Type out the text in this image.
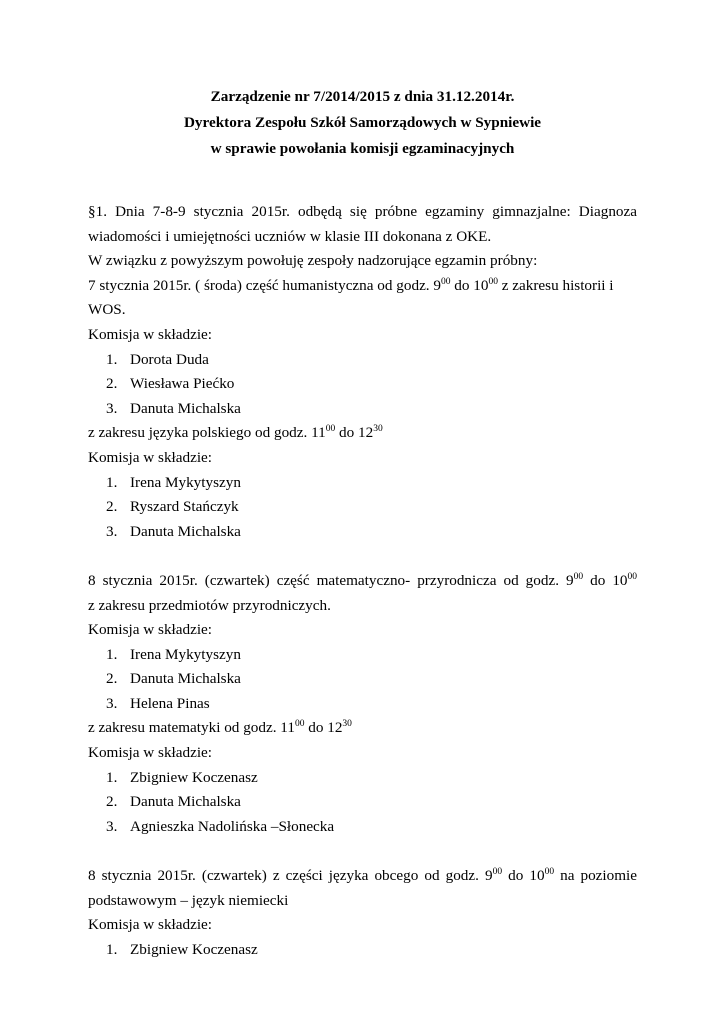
Zarządzenie nr 7/2014/2015 z dnia 31.12.2014r.
Dyrektora Zespołu Szkół Samorządowych w Sypniewie
w sprawie powołania komisji egzaminacyjnych

§1. Dnia 7-8-9 stycznia 2015r. odbędą się próbne egzaminy gimnazjalne: Diagnoza

wiadomości i umiejętności uczniów w klasie III dokonana z OKE.

W związku z powyższym powołuję zespoły nadzorujące egzamin próbny:

7 stycznia 2015r. ( środa) część humanistyczna od godz. $9^{00}$ do $10^{00}$ z zakresu historii i WOS.

Komisja w składzie:

1. Dorota Duda
2. Wiesława Piećko
3. Danuta Michalska

z zakresu języka polskiego od godz. $11^{00}$ do $12^{30}$

Komisja w składzie:

1. Irena Mykytyszyn
2. Ryszard Stańczyk
3. Danuta Michalska

8 stycznia 2015r. (czwartek) część matematyczno- przyrodnicza od godz. $9^{00}$ do $10^{00}$

z zakresu przedmiotów przyrodniczych.

Komisja w składzie:

1. Irena Mykytyszyn
2. Danuta Michalska
3. Helena Pinas

z zakresu matematyki od godz. $11^{00}$ do $12^{30}$

Komisja w składzie:

1. Zbigniew Koczenasz
2. Danuta Michalska
3. Agnieszka Nadolińska –Słonecka

8 stycznia 2015r. (czwartek) z części języka obcego od godz. $9^{00}$ do $10^{00}$ na poziomie

podstawowym – język niemiecki

Komisja w składzie:

1. Zbigniew Koczenasz
